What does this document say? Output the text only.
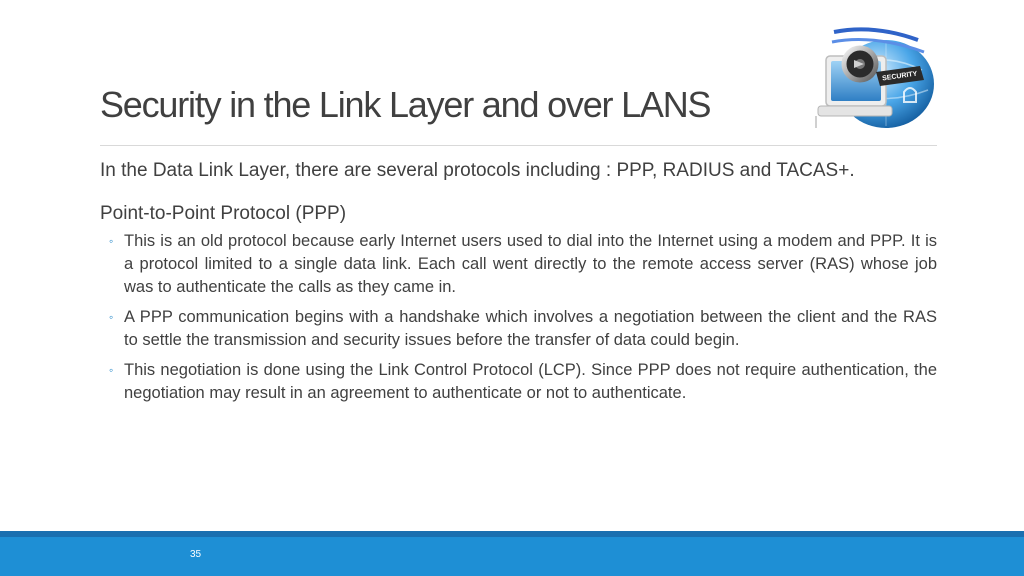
Security in the Link Layer and over LANS
SECURITY

In the Data Link Layer, there are several protocols including : PPP, RADIUS and TACAS+.

Point-to-Point Protocol (PPP)

◦ This is an old protocol because early Internet users used to dial into the Internet using a modem and PPP. It is a protocol limited to a single data link. Each call went directly to the remote access server (RAS) whose job was to authenticate the calls as they came in.
◦ A PPP communication begins with a handshake which involves a negotiation between the client and the RAS to settle the transmission and security issues before the transfer of data could begin.
◦ This negotiation is done using the Link Control Protocol (LCP). Since PPP does not require authentication, the negotiation may result in an agreement to authenticate or not to authenticate.
35
